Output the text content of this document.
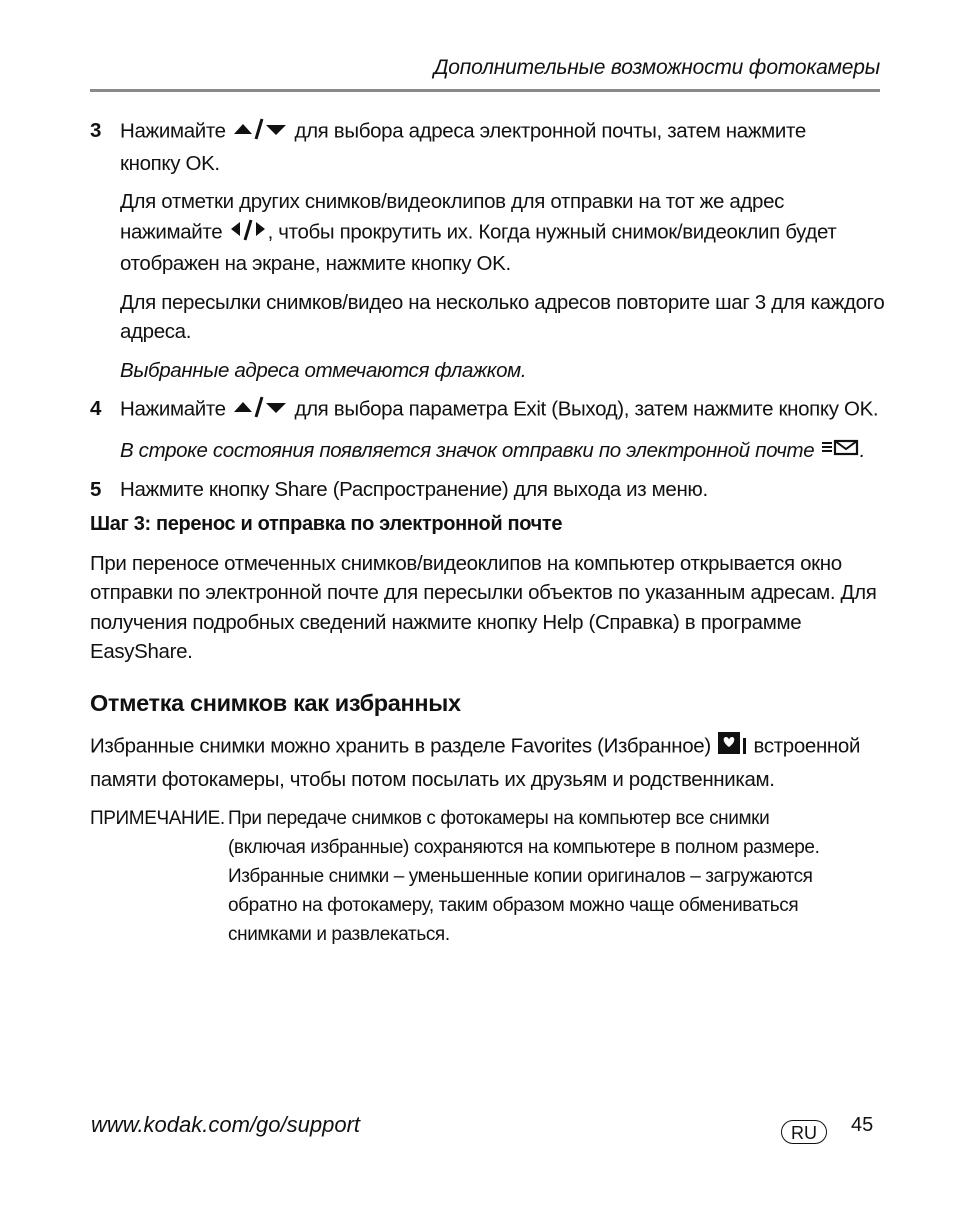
Дополнительные возможности фотокамеры
3 Нажимайте	для выбора адреса электронной почты, затем нажмите
кнопку OK.

Для отметки других снимков/видеоклипов для отправки на тот же адрес
нажимайте , чтобы прокрутить их. Когда нужный снимок/видеоклип будет
отображен на экране, нажмите кнопку OK.

Для пересылки снимков/видео на несколько адресов повторите шаг 3 для каждого адреса.

Выбранные адреса отмечаются флажком.

4 Нажимайте	для выбора параметра Exit (Выход), затем нажмите кнопку OK.

В строке состояния появляется значок отправки по электронной почте .

5 Нажмите кнопку Share (Распространение) для выхода из меню.

Шаг 3: перенос и отправка по электронной почте

При переносе отмеченных снимков/видеоклипов на компьютер открывается окно отправки по электронной почте для пересылки объектов по указанным адресам. Для получения подробных сведений нажмите кнопку Help (Справка) в программе EasyShare.

Отметка снимков как избранных

Избранные снимки можно хранить в разделе Favorites (Избранное) встроенной памяти фотокамеры, чтобы потом посылать их друзьям и родственникам.

ПРИМЕЧАНИЕ. При передаче снимков с фотокамеры на компьютер все снимки (включая избранные) сохраняются на компьютере в полном размере. Избранные снимки – уменьшенные копии оригиналов – загружаются обратно на фотокамеру, таким образом можно чаще обмениваться снимками и развлекаться.
www.kodak.com/go/support	RU	45
